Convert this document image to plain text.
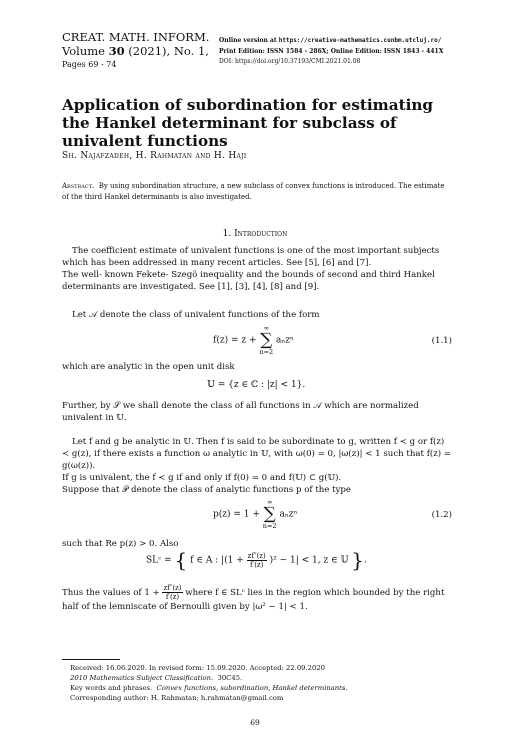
CREAT. MATH. INFORM.
Volume 30 (2021), No. 1,
Pages 69 - 74
Online version at https://creative-mathematics.cunbm.utcluj.ro/
Print Edition: ISSN 1584 - 286X; Online Edition: ISSN 1843 - 441X
DOI: https://doi.org/10.37193/CMI.2021.01.08
Application of subordination for estimating the Hankel determinant for subclass of univalent functions
Sh. Najafzadeh, H. Rahmatan and H. Haji
Abstract. By using subordination structure, a new subclass of convex functions is introduced. The estimate of the third Hankel determinants is also investigated.
1. Introduction
The coefficient estimate of univalent functions is one of the most important subjects which has been addressed in many recent articles. See [5], [6] and [7].
The well- known Fekete- Szegö inequality and the bounds of second and third Hankel determinants are investigated. See [1], [3], [4], [8] and [9].
Let 𝒜 denote the class of univalent functions of the form
f(z) = z + ∞
∑
n=2 aₙzⁿ	(1.1)
which are analytic in the open unit disk
𝕌 = {z ∈ ℂ : |z| < 1}.
Further, by 𝒮 we shall denote the class of all functions in 𝒜 which are normalized univalent in 𝕌.
Let f and g be analytic in 𝕌. Then f is said to be subordinate to g, written f ≺ g or f(z) ≺ g(z), if there exists a function ω analytic in 𝕌, with ω(0) = 0, |ω(z)| < 1 such that f(z) = g(ω(z)).
If g is univalent, the f ≺ g if and only if f(0) = 0 and f(𝕌) ⊂ g(𝕌).
Suppose that 𝒫 denote the class of analytic functions p of the type
p(z) = 1 + ∞
∑
n=2 aₙzⁿ	(1.2)
such that Re p(z) > 0. Also
SLᶜ = { f ∈ A : $|(1 + \frac{zf''(z)}{f'(z)} )^2 - 1| < 1$, z ∈ 𝕌 }.
Thus the values of $1 + \frac{zf''(z)}{f'(z)}$ where f ∈ SLᶜ lies in the region which bounded by the right half of the lemniscate of Bernoulli given by |ω² − 1| < 1.
Received: 16.06.2020. In revised form: 15.09.2020. Accepted: 22.09.2020
2010 Mathematics Subject Classification. 30C45.
Key words and phrases. Convex functions, subordination, Hankel determinants.
Corresponding author: H. Rahmatan; h.rahmatan@gmail.com
69
